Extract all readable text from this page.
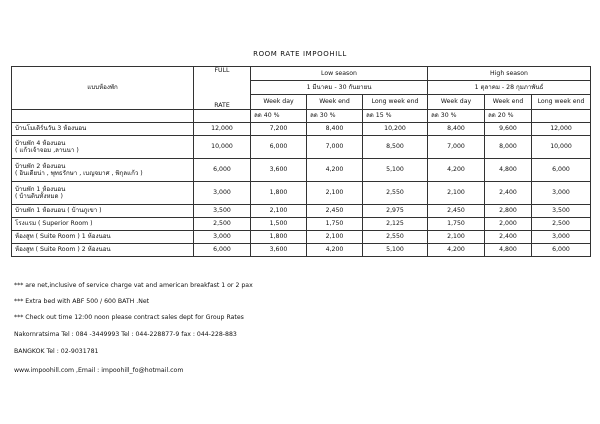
ROOM RATE IMPOOHILL
แบบห้องพัก	FULL
RATE	Low season			High season		
		1 มีนาคม - 30 กันยายน			1 ตุลาคม - 28 กุมภาพันธ์		
		Week day	Week end	Long week end	Week day	Week end	Long week end
		ลด 40 %	ลด 30 %	ลด 15 %	ลด 30 %	ลด 20 %	

บ้านโมเดิร์นวัน 3 ห้องนอน	12,000	7,200	8,400	10,200	8,400	9,600	12,000

บ้านพัก 4 ห้องนอน
( แก้วเจ้าจอม ,ลานนา )	10,000	6,000	7,000	8,500	7,000	8,000	10,000

บ้านพัก 2 ห้องนอน
( อินเดียน่า , พุทธรักษา , เบญจมาศ , พิกุลแก้ว )	6,000	3,600	4,200	5,100	4,200	4,800	6,000

บ้านพัก 1 ห้องนอน
( บ้านดินทั้งหมด )	3,000	1,800	2,100	2,550	2,100	2,400	3,000

บ้านพัก 1 ห้องนอน ( บ้านภูเขา )	3,500	2,100	2,450	2,975	2,450	2,800	3,500

โรงแรม ( Superior Room )	2,500	1,500	1,750	2,125	1,750	2,000	2,500

ห้องสูท ( Suite Room ) 1 ห้องนอน	3,000	1,800	2,100	2,550	2,100	2,400	3,000

ห้องสูท ( Suite Room ) 2 ห้องนอน	6,000	3,600	4,200	5,100	4,200	4,800	6,000
*** are net,inclusive of service charge vat and american breakfast 1 or 2 pax
*** Extra bed with ABF 500 / 600 BATH .Net
*** Check out time 12:00 noon please contract sales dept for Group Rates
Nakornratsima Tel : 084 -3449993 Tel : 044-228877-9 fax : 044-228-883
BANGKOK Tel : 02-9031781
www.impoohill.com ,Email : impoohill_fo@hotmail.com
